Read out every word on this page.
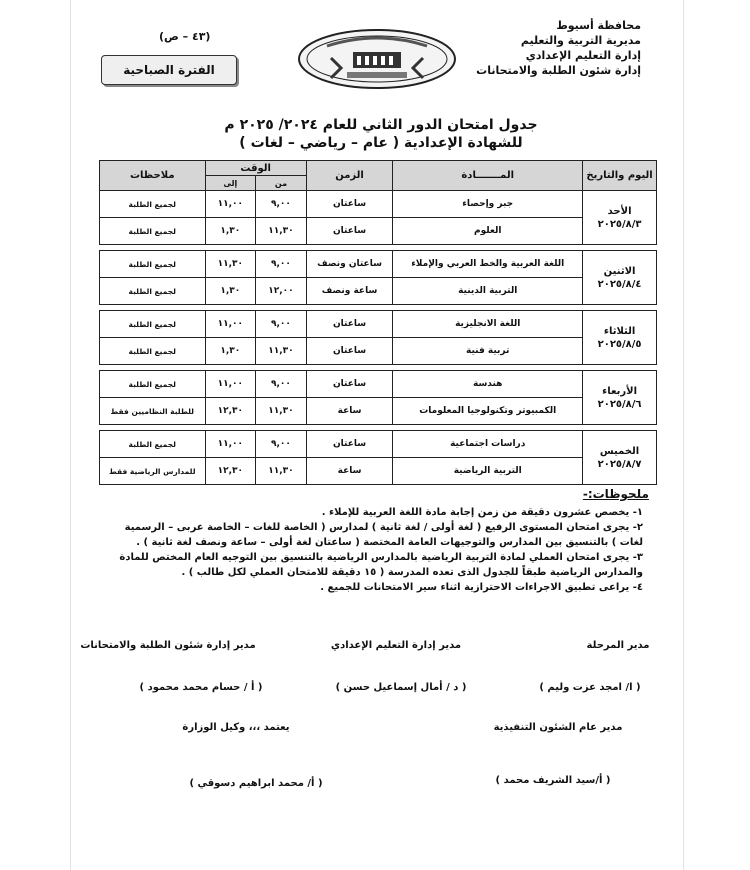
محافظة أسيوط
مديرية التربية والتعليم
إدارة التعليم الإعدادي
إدارة شئون الطلبة والامتحانات
(٤٣ – ص)
الفترة الصباحية
جدول امتحان الدور الثاني للعام ٢٠٢٤/ ٢٠٢٥ م
للشهادة الإعدادية ( عام – رياضي – لغات )
اليوم والتاريخ	المـــــــادة	الزمن	الوقت		ملاحظات
			من	إلى	

الأحد
٢٠٢٥/٨/٣	جبر وإحصاء	ساعتان	٩,٠٠	١١,٠٠	لجميع الطلبة
	العلوم	ساعتان	١١,٣٠	١,٣٠	لجميع الطلبة

الاثنين
٢٠٢٥/٨/٤	اللغة العربية والخط العربي والإملاء	ساعتان ونصف	٩,٠٠	١١,٣٠	لجميع الطلبة
	التربية الدينية	ساعة ونصف	١٢,٠٠	١,٣٠	لجميع الطلبة

الثلاثاء
٢٠٢٥/٨/٥	اللغة الانجليزية	ساعتان	٩,٠٠	١١,٠٠	لجميع الطلبة
	تربية فنية	ساعتان	١١,٣٠	١,٣٠	لجميع الطلبة

الأربعاء
٢٠٢٥/٨/٦	هندسة	ساعتان	٩,٠٠	١١,٠٠	لجميع الطلبة
	الكمبيوتر وتكنولوجيا المعلومات	ساعة	١١,٣٠	١٢,٣٠	للطلبة النظاميين فقط

الخميس
٢٠٢٥/٨/٧	دراسات اجتماعية	ساعتان	٩,٠٠	١١,٠٠	لجميع الطلبة
	التربية الرياضية	ساعة	١١,٣٠	١٢,٣٠	للمدارس الرياضية فقط
ملحوظات:-
١- يخصص عشرون دقيقة من زمن إجابة مادة اللغة العربية للإملاء .
٢- يجرى امتحان المستوى الرفيع ( لغة أولى / لغة ثانية ) لمدارس ( الخاصة للغات – الخاصة عربى – الرسمية لغات ) بالتنسيق بين المدارس والتوجيهات العامة المختصة ( ساعتان لغة أولى – ساعة ونصف لغة ثانية ) .
٣- يجرى امتحان العملي لمادة التربية الرياضية بالمدارس الرياضية بالتنسيق بين التوجيه العام المختص للمادة والمدارس الرياضية طبقاً للجدول الذى تعده المدرسة ( ١٥ دقيقة للامتحان العملي لكل طالب ) .
٤- يراعى تطبيق الاجراءات الاحترازية اثناء سير الامتحانات للجميع .
مدير المرحلة
مدير إدارة التعليم الإعدادي
مدير إدارة شئون الطلبة والامتحانات
( ا/ امجد عزت وليم )
( د / أمال إسماعيل حسن )
( أ / حسام محمد محمود )
مدير عام الشئون التنفيذية
يعتمد ،،، وكيل الوزارة
( أ/سيد الشريف محمد )
( أ/ محمد ابراهيم دسوقي )
